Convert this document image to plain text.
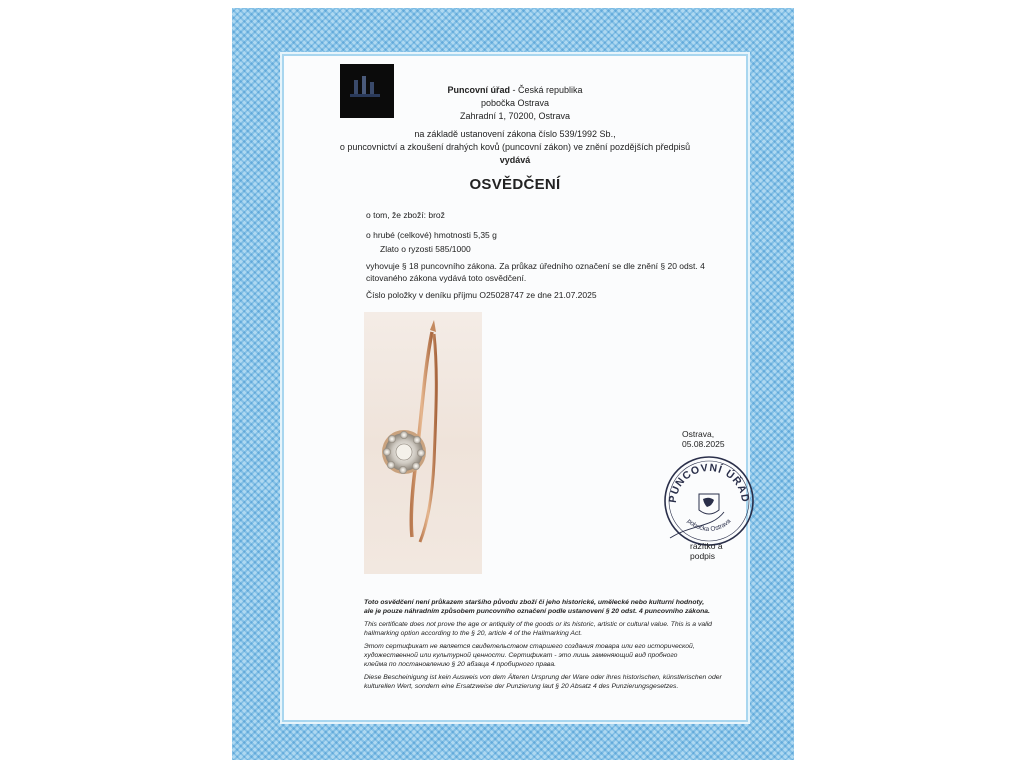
Puncovní úřad - Česká republika
pobočka Ostrava
Zahradní 1, 70200, Ostrava
na základě ustanovení zákona číslo 539/1992 Sb.,
o puncovnictví a zkoušení drahých kovů (puncovní zákon) ve znění pozdějších předpisů
vydává
OSVĚDČENÍ
o tom, že zboží: brož
o hrubé (celkové) hmotnosti 5,35 g
Zlato o ryzosti 585/1000
vyhovuje § 18 puncovního zákona. Za průkaz úředního označení se dle znění § 20 odst. 4
citovaného zákona vydává toto osvědčení.
Číslo položky v deníku příjmu O25028747 ze dne 21.07.2025
Ostrava, 05.08.2025
PUNCOVNÍ ÚŘAD
pobočka Ostrava
razítko a podpis
Toto osvědčení není průkazem staršího původu zboží či jeho historické, umělecké nebo kulturní hodnoty,
ale je pouze náhradním způsobem puncovního označení podle ustanovení § 20 odst. 4 puncovního zákona.
This certificate does not prove the age or antiquity of the goods or its historic, artistic or cultural value. This is a valid
hallmarking option according to the § 20, article 4 of the Hallmarking Act.
Этот сертификат не является свидетельством старшего создания товара или его исторической,
художественной или культурной ценности. Сертификат - это лишь заменяющий вид пробного
клейма по постановлению § 20 абзаца 4 пробирного права.
Diese Bescheinigung ist kein Ausweis von dem Älteren Ursprung der Ware oder ihres historischen, künstlerischen oder
kulturellen Wert, sondern eine Ersatzweise der Punzierung laut § 20 Absatz 4 des Punzierungsgesetzes.
